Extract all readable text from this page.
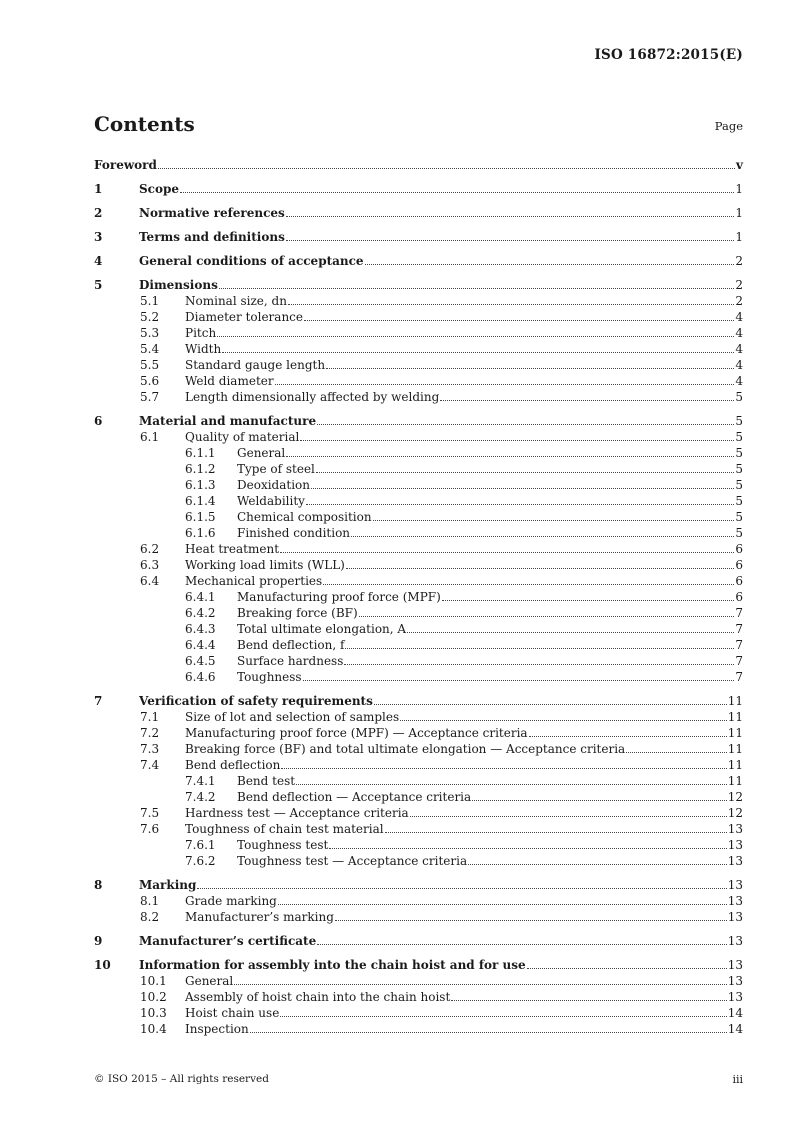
ISO 16872:2015(E)
Contents	Page
Foreword	v
1	Scope	1
2	Normative references	1
3	Terms and definitions	1
4	General conditions of acceptance	2
5	Dimensions	2
5.1 Nominal size, dn	2
5.2 Diameter tolerance	4
5.3 Pitch	4
5.4 Width	4
5.5 Standard gauge length	4
5.6 Weld diameter	4
5.7 Length dimensionally affected by welding	5
6	Material and manufacture	5
6.1 Quality of material	5
6.1.1 General	5
6.1.2 Type of steel	5
6.1.3 Deoxidation	5
6.1.4 Weldability	5
6.1.5 Chemical composition	5
6.1.6 Finished condition	5
6.2 Heat treatment	6
6.3 Working load limits (WLL)	6
6.4 Mechanical properties	6
6.4.1 Manufacturing proof force (MPF)	6
6.4.2 Breaking force (BF)	7
6.4.3 Total ultimate elongation, A	7
6.4.4 Bend deflection, f	7
6.4.5 Surface hardness	7
6.4.6 Toughness	7
7	Verification of safety requirements	11
7.1 Size of lot and selection of samples	11
7.2 Manufacturing proof force (MPF) — Acceptance criteria	11
7.3 Breaking force (BF) and total ultimate elongation — Acceptance criteria	11
7.4 Bend deflection	11
7.4.1 Bend test	11
7.4.2 Bend deflection — Acceptance criteria	12
7.5 Hardness test — Acceptance criteria	12
7.6 Toughness of chain test material	13
7.6.1 Toughness test	13
7.6.2 Toughness test — Acceptance criteria	13
8	Marking	13
8.1 Grade marking	13
8.2 Manufacturer’s marking	13
9	Manufacturer’s certificate	13
10 Information for assembly into the chain hoist and for use	13
10.1 General	13
10.2 Assembly of hoist chain into the chain hoist	13
10.3 Hoist chain use	14
10.4 Inspection	14
© ISO 2015 – All rights reserved	iii
